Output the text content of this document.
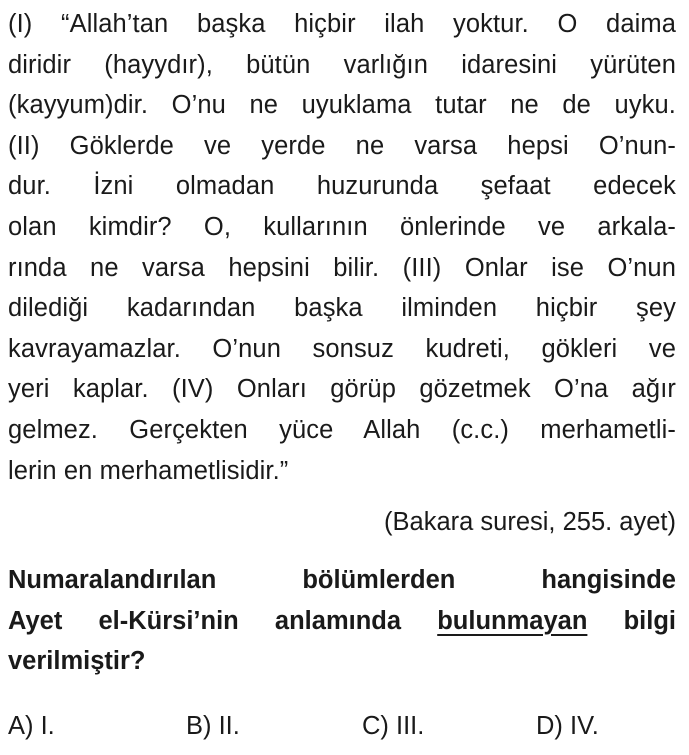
(I) “Allah’tan başka hiçbir ilah yoktur. O daima
diridir (hayydır), bütün varlığın idaresini yürüten
(kayyum)dir. O’nu ne uyuklama tutar ne de uyku.
(II) Göklerde ve yerde ne varsa hepsi O’nun-
dur. İzni olmadan huzurunda şefaat edecek
olan kimdir? O, kullarının önlerinde ve arkala-
rında ne varsa hepsini bilir. (III) Onlar ise O’nun
dilediği kadarından başka ilminden hiçbir şey
kavrayamazlar. O’nun sonsuz kudreti, gökleri ve
yeri kaplar. (IV) Onları görüp gözetmek O’na ağır
gelmez. Gerçekten yüce Allah (c.c.) merhametli-
lerin en merhametlisidir.”
(Bakara suresi, 255. ayet)
Numaralandırılan bölümlerden hangisinde
Ayet el-Kürsi’nin anlamında bulunmayan bilgi
verilmiştir?
A) I.	B) II.	C) III.	D) IV.
